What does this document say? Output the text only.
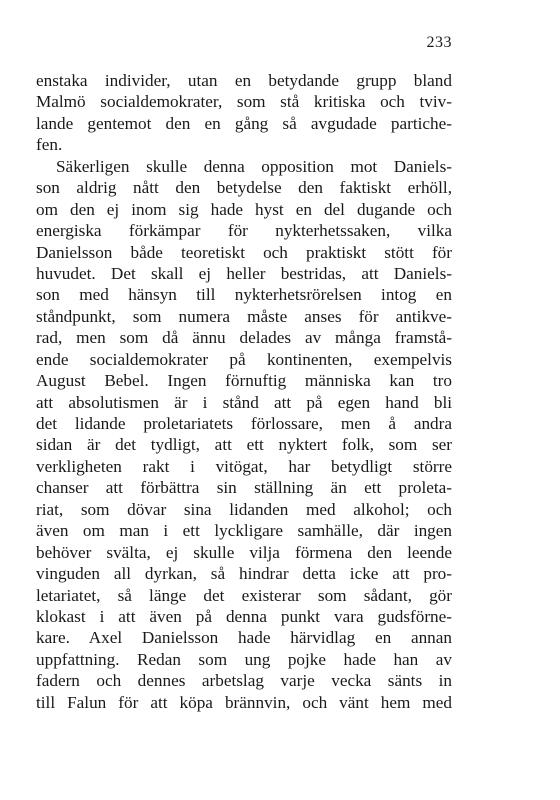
233
enstaka individer, utan en betydande grupp bland
Malmö socialdemokrater, som stå kritiska och tviv-
lande gentemot den en gång så avgudade partiche-
fen.
Säkerligen skulle denna opposition mot Daniels-
son aldrig nått den betydelse den faktiskt erhöll,
om den ej inom sig hade hyst en del dugande och
energiska förkämpar för nykterhetssaken, vilka
Danielsson både teoretiskt och praktiskt stött för
huvudet. Det skall ej heller bestridas, att Daniels-
son med hänsyn till nykterhetsrörelsen intog en
ståndpunkt, som numera måste anses för antikve-
rad, men som då ännu delades av många framstå-
ende socialdemokrater på kontinenten, exempelvis
August Bebel. Ingen förnuftig människa kan tro
att absolutismen är i stånd att på egen hand bli
det lidande proletariatets förlossare, men å andra
sidan är det tydligt, att ett nyktert folk, som ser
verkligheten rakt i vitögat, har betydligt större
chanser att förbättra sin ställning än ett proleta-
riat, som dövar sina lidanden med alkohol; och
även om man i ett lyckligare samhälle, där ingen
behöver svälta, ej skulle vilja förmena den leende
vinguden all dyrkan, så hindrar detta icke att pro-
letariatet, så länge det existerar som sådant, gör
klokast i att även på denna punkt vara gudsförne-
kare. Axel Danielsson hade härvidlag en annan
uppfattning. Redan som ung pojke hade han av
fadern och dennes arbetslag varje vecka sänts in
till Falun för att köpa brännvin, och vänt hem med
